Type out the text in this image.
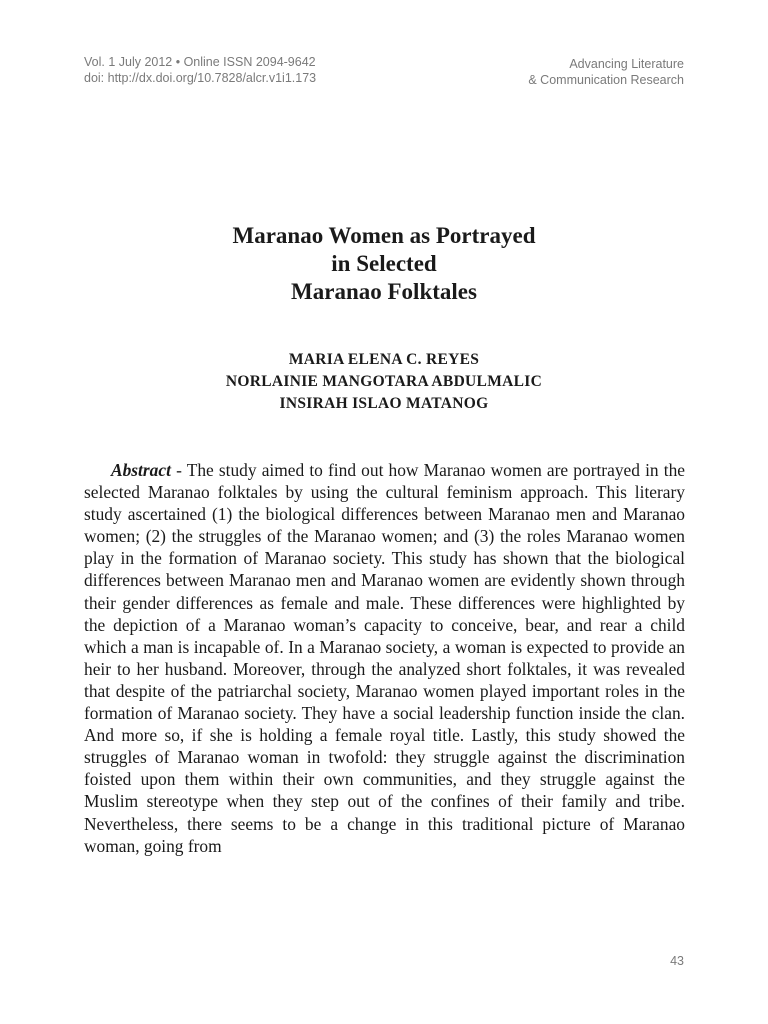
Vol. 1 July 2012 • Online ISSN 2094-9642
doi: http://dx.doi.org/10.7828/alcr.v1i1.173
Advancing Literature
& Communication Research
Maranao Women as Portrayed
in Selected
Maranao Folktales
MARIA ELENA C. REYES
NORLAINIE MANGOTARA ABDULMALIC
INSIRAH ISLAO MATANOG

Abstract - The study aimed to find out how Maranao women are portrayed in the selected Maranao folktales by using the cultural feminism approach. This literary study ascertained (1) the biological differences between Maranao men and Maranao women; (2) the struggles of the Maranao women; and (3) the roles Maranao women play in the formation of Maranao society. This study has shown that the biological differences between Maranao men and Maranao women are evidently shown through their gender differences as female and male. These differences were highlighted by the depiction of a Maranao woman’s capacity to conceive, bear, and rear a child which a man is incapable of. In a Maranao society, a woman is expected to provide an heir to her husband. Moreover, through the analyzed short folktales, it was revealed that despite of the patriarchal society, Maranao women played important roles in the formation of Maranao society. They have a social leadership function inside the clan. And more so, if she is holding a female royal title. Lastly, this study showed the struggles of Maranao woman in twofold: they struggle against the discrimination foisted upon them within their own communities, and they struggle against the Muslim stereotype when they step out of the confines of their family and tribe. Nevertheless, there seems to be a change in this traditional picture of Maranao woman, going from

43
